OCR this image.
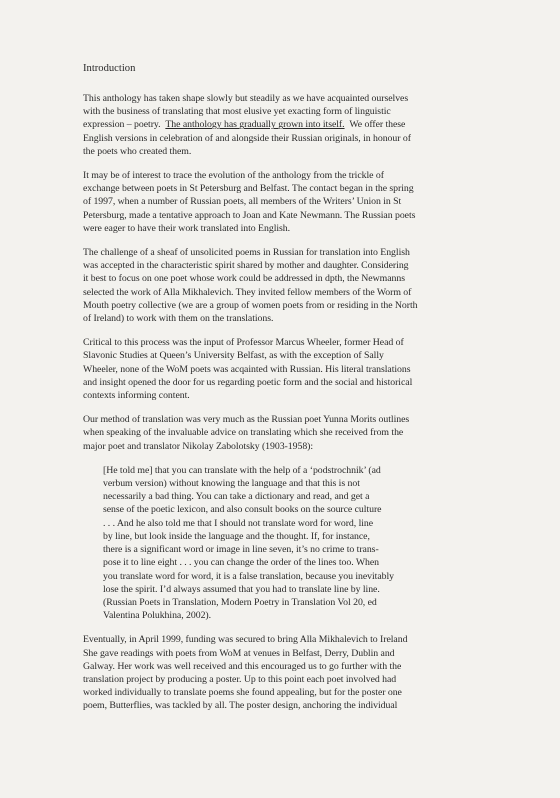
Introduction
This anthology has taken shape slowly but steadily as we have acquainted ourselves
with the business of translating that most elusive yet exacting form of linguistic
expression – poetry. The anthology has gradually grown into itself. We offer these
English versions in celebration of and alongside their Russian originals, in honour of
the poets who created them.
It may be of interest to trace the evolution of the anthology from the trickle of
exchange between poets in St Petersburg and Belfast. The contact began in the spring
of 1997, when a number of Russian poets, all members of the Writers’ Union in St
Petersburg, made a tentative approach to Joan and Kate Newmann. The Russian poets
were eager to have their work translated into English.
The challenge of a sheaf of unsolicited poems in Russian for translation into English
was accepted in the characteristic spirit shared by mother and daughter. Considering
it best to focus on one poet whose work could be addressed in dpth, the Newmanns
selected the work of Alla Mikhalevich. They invited fellow members of the Worm of
Mouth poetry collective (we are a group of women poets from or residing in the North
of Ireland) to work with them on the translations.
Critical to this process was the input of Professor Marcus Wheeler, former Head of
Slavonic Studies at Queen’s University Belfast, as with the exception of Sally
Wheeler, none of the WoM poets was acqainted with Russian. His literal translations
and insight opened the door for us regarding poetic form and the social and historical
contexts informing content.
Our method of translation was very much as the Russian poet Yunna Morits outlines
when speaking of the invaluable advice on translating which she received from the
major poet and translator Nikolay Zabolotsky (1903-1958):
[He told me] that you can translate with the help of a ‘podstrochnik’ (ad
verbum version) without knowing the language and that this is not
necessarily a bad thing. You can take a dictionary and read, and get a
sense of the poetic lexicon, and also consult books on the source culture
. . . And he also told me that I should not translate word for word, line
by line, but look inside the language and the thought. If, for instance,
there is a significant word or image in line seven, it’s no crime to trans-
pose it to line eight . . . you can change the order of the lines too. When
you translate word for word, it is a false translation, because you inevitably
lose the spirit. I’d always assumed that you had to translate line by line.
(Russian Poets in Translation, Modern Poetry in Translation Vol 20, ed
Valentina Polukhina, 2002).
Eventually, in April 1999, funding was secured to bring Alla Mikhalevich to Ireland
She gave readings with poets from WoM at venues in Belfast, Derry, Dublin and
Galway. Her work was well received and this encouraged us to go further with the
translation project by producing a poster. Up to this point each poet involved had
worked individually to translate poems she found appealing, but for the poster one
poem, Butterflies, was tackled by all. The poster design, anchoring the individual
